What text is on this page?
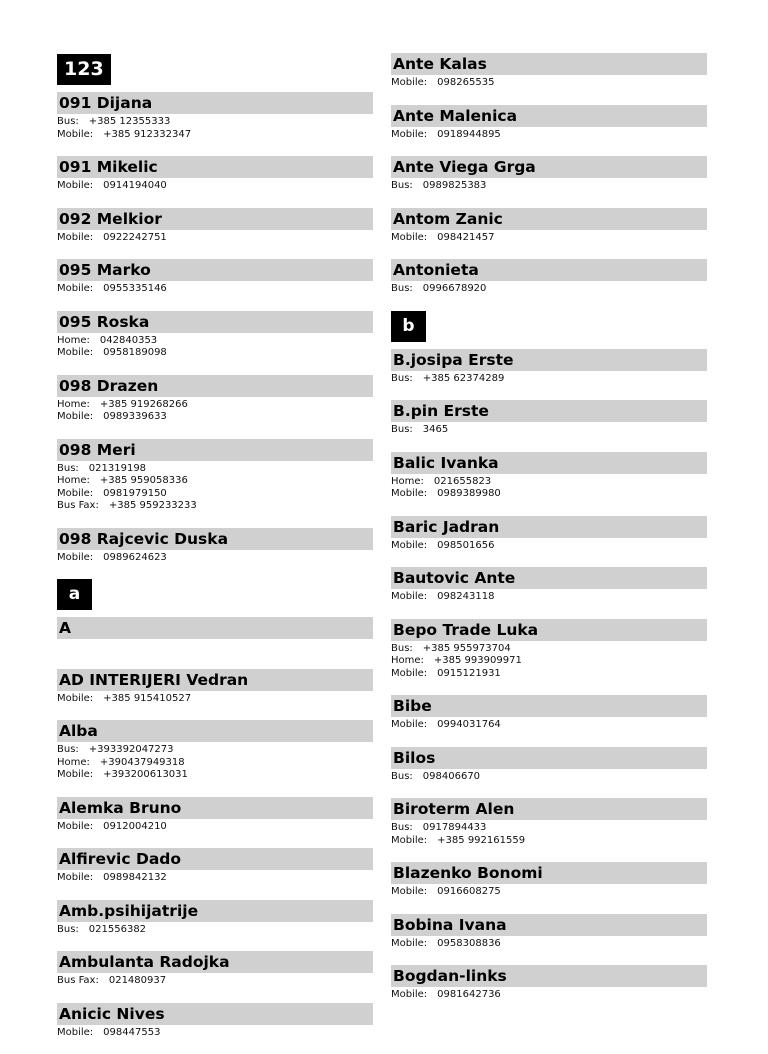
123
091 Dijana
Bus: +385 12355333
Mobile: +385 912332347
091 Mikelic
Mobile: 0914194040
092 Melkior
Mobile: 0922242751
095 Marko
Mobile: 0955335146
095 Roska
Home: 042840353
Mobile: 0958189098
098 Drazen
Home: +385 919268266
Mobile: 0989339633
098 Meri
Bus: 021319198
Home: +385 959058336
Mobile: 0981979150
Bus Fax: +385 959233233
098 Rajcevic Duska
Mobile: 0989624623
a
A
AD INTERIJERI Vedran
Mobile: +385 915410527
Alba
Bus: +393392047273
Home: +390437949318
Mobile: +393200613031
Alemka Bruno
Mobile: 0912004210
Alfirevic Dado
Mobile: 0989842132
Amb.psihijatrije
Bus: 021556382
Ambulanta Radojka
Bus Fax: 021480937
Anicic Nives
Mobile: 098447553
Ante Kalas
Mobile: 098265535
Ante Malenica
Mobile: 0918944895
Ante Viega Grga
Bus: 0989825383
Antom Zanic
Mobile: 098421457
Antonieta
Bus: 0996678920
b
B.josipa Erste
Bus: +385 62374289
B.pin Erste
Bus: 3465
Balic Ivanka
Home: 021655823
Mobile: 0989389980
Baric Jadran
Mobile: 098501656
Bautovic Ante
Mobile: 098243118
Bepo Trade Luka
Bus: +385 955973704
Home: +385 993909971
Mobile: 0915121931
Bibe
Mobile: 0994031764
Bilos
Bus: 098406670
Biroterm Alen
Bus: 0917894433
Mobile: +385 992161559
Blazenko Bonomi
Mobile: 0916608275
Bobina Ivana
Mobile: 0958308836
Bogdan-links
Mobile: 0981642736
